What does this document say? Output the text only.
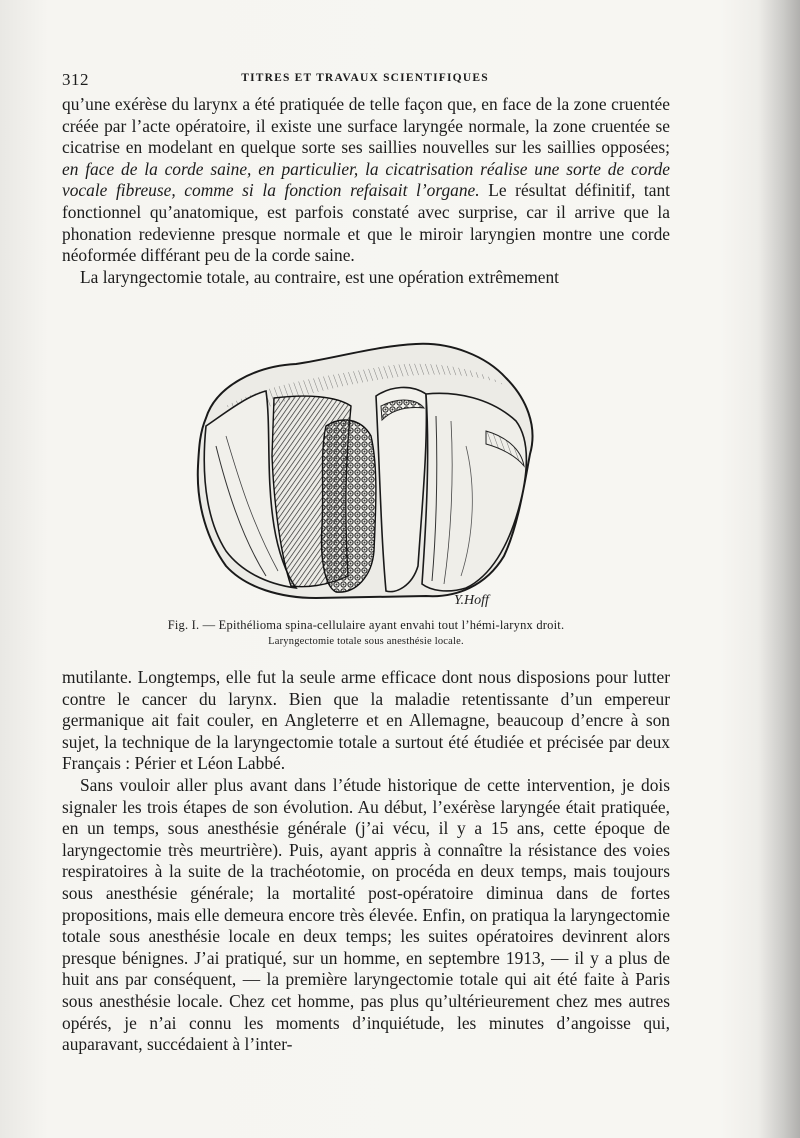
312	TITRES ET TRAVAUX SCIENTIFIQUES

qu’une exérèse du larynx a été pratiquée de telle façon que, en face de la zone cruentée créée par l’acte opératoire, il existe une surface laryngée normale, la zone cruentée se cicatrise en modelant en quelque sorte ses saillies nouvelles sur les saillies opposées; en face de la corde saine, en particulier, la cicatrisation réalise une sorte de corde vocale fibreuse, comme si la fonction refaisait l’organe. Le résultat définitif, tant fonctionnel qu’anatomique, est parfois constaté avec surprise, car il arrive que la phonation redevienne presque normale et que le miroir laryngien montre une corde néoformée différant peu de la corde saine.

La laryngectomie totale, au contraire, est une opération extrêmement

Y.Hoff
Fig. I. — Epithélioma spina-cellulaire ayant envahi tout l’hémi-larynx droit.
Laryngectomie totale sous anesthésie locale.

mutilante. Longtemps, elle fut la seule arme efficace dont nous disposions pour lutter contre le cancer du larynx. Bien que la maladie retentissante d’un empereur germanique ait fait couler, en Angleterre et en Allemagne, beaucoup d’encre à son sujet, la technique de la laryngectomie totale a surtout été étudiée et précisée par deux Français : Périer et Léon Labbé.

Sans vouloir aller plus avant dans l’étude historique de cette intervention, je dois signaler les trois étapes de son évolution. Au début, l’exérèse laryngée était pratiquée, en un temps, sous anesthésie générale (j’ai vécu, il y a 15 ans, cette époque de laryngectomie très meurtrière). Puis, ayant appris à connaître la résistance des voies respiratoires à la suite de la trachéotomie, on procéda en deux temps, mais toujours sous anesthésie générale; la mortalité post-opératoire diminua dans de fortes propositions, mais elle demeura encore très élevée. Enfin, on pratiqua la laryngectomie totale sous anesthésie locale en deux temps; les suites opératoires devinrent alors presque bénignes. J’ai pratiqué, sur un homme, en septembre 1913, — il y a plus de huit ans par conséquent, — la première laryngectomie totale qui ait été faite à Paris sous anesthésie locale. Chez cet homme, pas plus qu’ultérieurement chez mes autres opérés, je n’ai connu les moments d’inquiétude, les minutes d’angoisse qui, auparavant, succédaient à l’inter-
